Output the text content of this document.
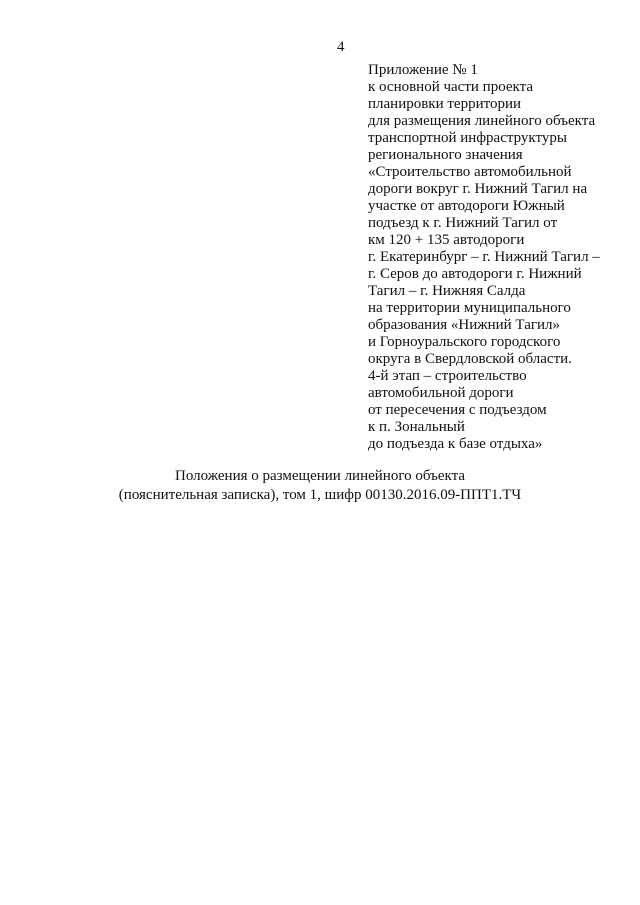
4
Приложение № 1
к основной части проекта
планировки территории
для размещения линейного объекта
транспортной инфраструктуры
регионального значения
«Строительство автомобильной
дороги вокруг г. Нижний Тагил на
участке от автодороги Южный
подъезд к г. Нижний Тагил от
км 120 + 135 автодороги
г. Екатеринбург – г. Нижний Тагил –
г. Серов до автодороги г. Нижний
Тагил – г. Нижняя Салда
на территории муниципального
образования «Нижний Тагил»
и Горноуральского городского
округа в Свердловской области.
4-й этап – строительство
автомобильной дороги
от пересечения с подъездом
к п. Зональный
до подъезда к базе отдыха»
Положения о размещении линейного объекта
(пояснительная записка), том 1, шифр 00130.2016.09-ППТ1.ТЧ
